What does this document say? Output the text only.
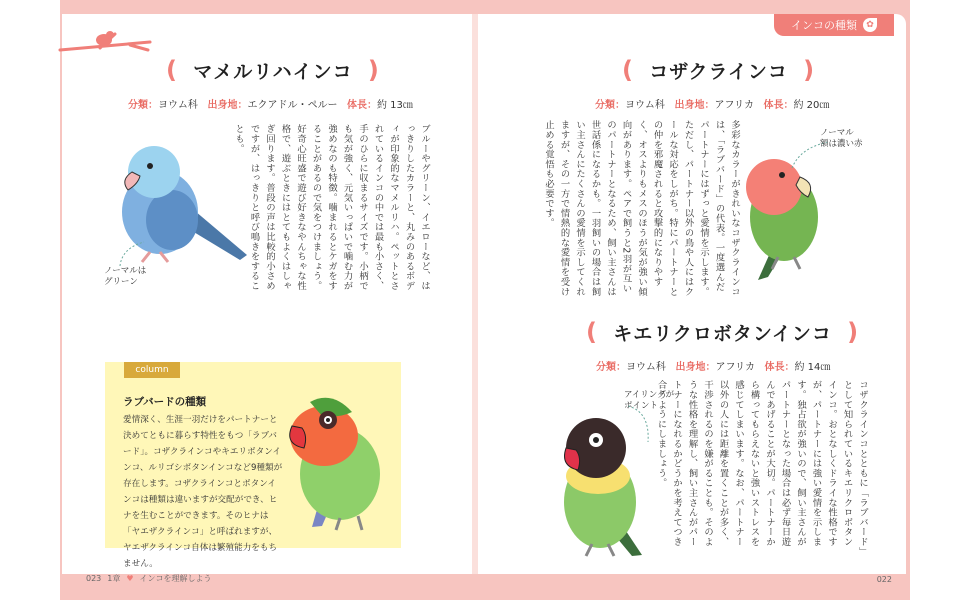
インコの種類	✿
( マメルリハインコ )
分類：ヨウム科 出身地：エクアドル・ペルー 体長：約 13㎝
ブルーやグリーン、イエローなど、はっきりしたカラーと、丸みのあるボディが印象的なマメルリハ。ペットとされているインコの中では最も小さく、手のひらに収まるサイズです。小柄でも気が強く、元気いっぱいで噛む力が強めなのも特徴。噛まれるとケガをすることがあるので気をつけましょう。好奇心旺盛で遊び好きなやんちゃな性格で、遊ぶときにはとてもよくはしゃぎ回ります。普段の声は比較的小さめですが、はっきりと呼び鳴きをすることも。
ノーマルは
グリーン
( コザクラインコ )
分類：ヨウム科 出身地：アフリカ 体長：約 20㎝
多彩なカラーがきれいなコザクラインコは、「ラブバード」の代表。一度選んだパートナーにはずっと愛情を示します。ただし、パートナー以外の鳥や人にはクールな対応をしがち。特にパートナーとの仲を邪魔されると攻撃的になりやすく、オスよりもメスのほうが気が強い傾向があります。ペアで飼うと2羽が互いのパートナーとなるため、飼い主さんは世話係になるかも。一羽飼いの場合は飼い主さんにたくさんの愛情を示してくれますが、その一方で情熱的な愛情を受け止める覚悟も必要です。	ノーマル
額は濃い赤
( キエリクロボタンインコ )
分類：ヨウム科 出身地：アフリカ 体長：約 14㎝
コザクラインコとともに「ラブバード」として知られているキエリクロボタンインコ。おとなしくドライな性格ですが、パートナーには強い愛情を示します。独占欲が強いので、飼い主さんがパートナーとなった場合は必ず毎日遊んであげることが大切。パートナーから構ってもらえないと強いストレスを感じてしまいます。なお、パートナー以外の人には距離を置くことが多く、干渉されるのを嫌がることも。そのような性格を理解し、飼い主さんがパートナーになれるかどうかを考えてつき合うようにしましょう。
アイリングが
ポイント
column
ラブバードの種類
愛情深く、生涯一羽だけをパートナーと決めてともに暮らす特性をもつ「ラブバード」。コザクラインコやキエリボタンインコ、ルリゴシボタンインコなど9種類が存在します。コザクラインコとボタンインコは種類は違いますが交配ができ、ヒナを生むことができます。そのヒナは「ヤエザクラインコ」と呼ばれますが、ヤエザクラインコ自体は繁殖能力をもちません。
023 1章 ♥ インコを理解しよう	022
